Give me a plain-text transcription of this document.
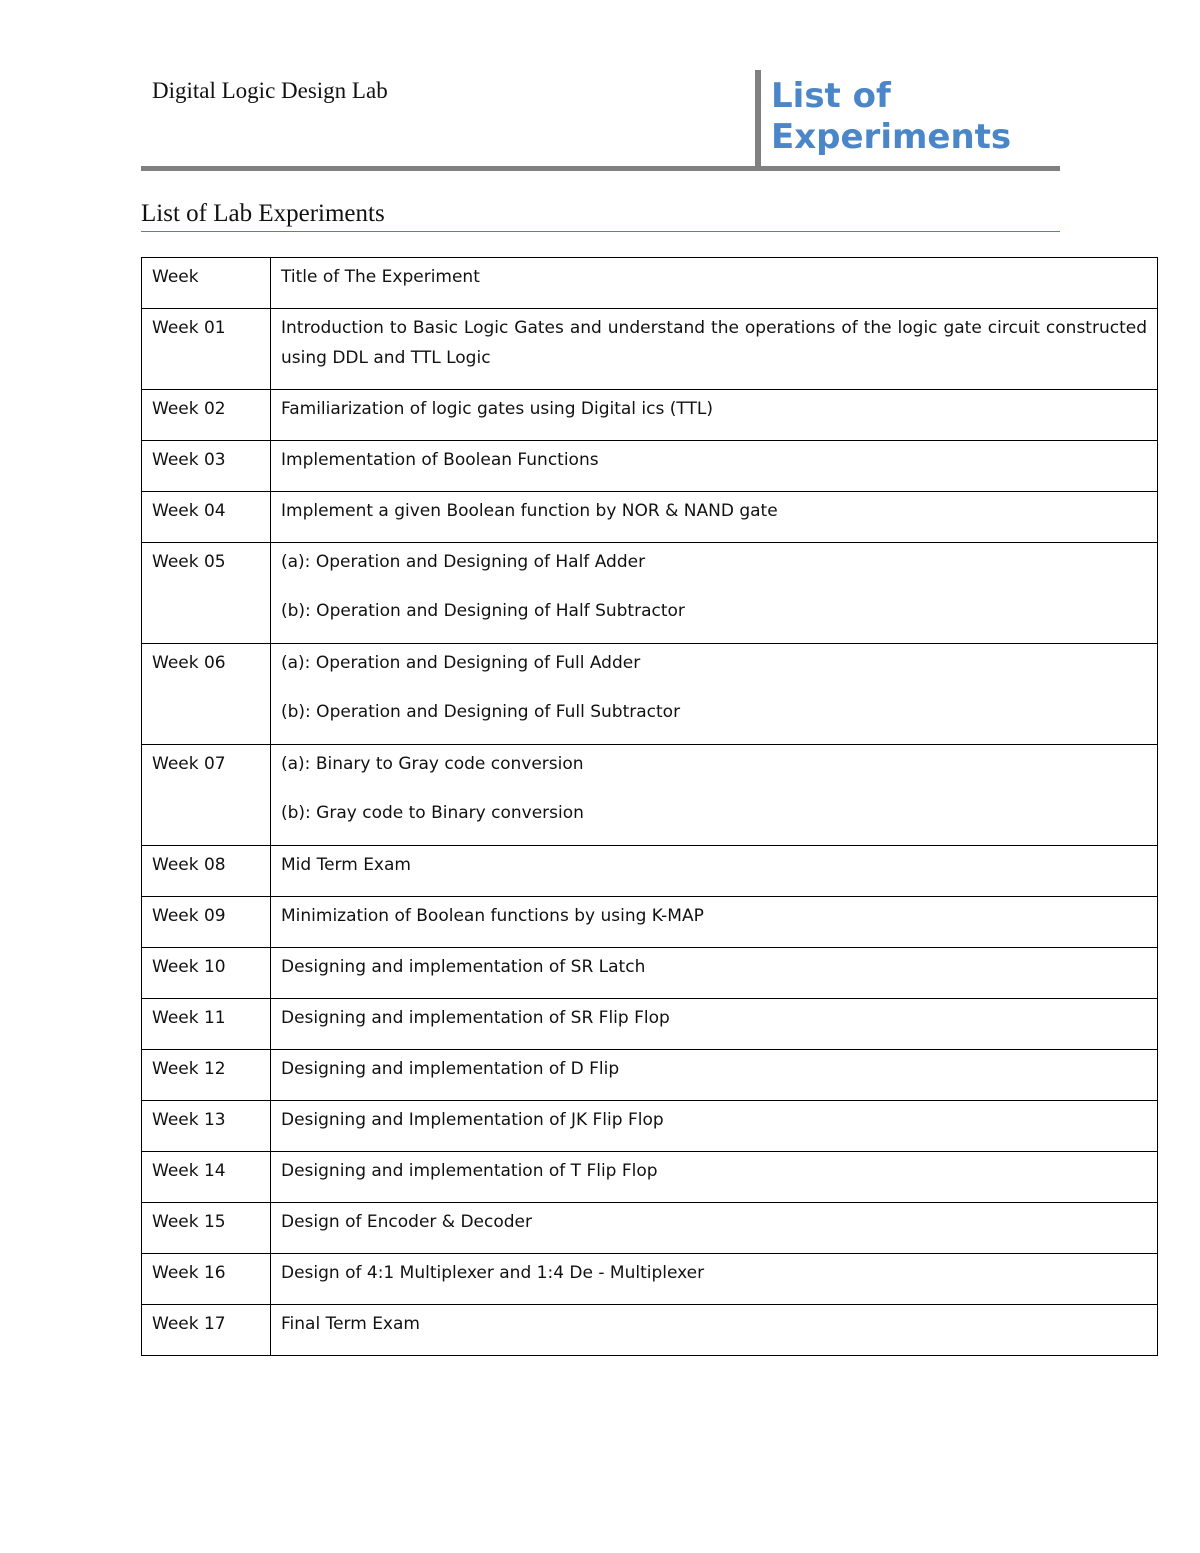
Digital Logic Design Lab	List of
Experiments
List of Lab Experiments
Week	Title of The Experiment
Week 01	Introduction to Basic Logic Gates and understand the operations of the logic gate circuit constructed using DDL and TTL Logic
Week 02	Familiarization of logic gates using Digital ics (TTL)
Week 03	Implementation of Boolean Functions
Week 04	Implement a given Boolean function by NOR & NAND gate
Week 05	(a): Operation and Designing of Half Adder
(b): Operation and Designing of Half Subtractor

Week 06	(a): Operation and Designing of Full Adder
(b): Operation and Designing of Full Subtractor

Week 07	(a): Binary to Gray code conversion
(b): Gray code to Binary conversion

Week 08	Mid Term Exam
Week 09	Minimization of Boolean functions by using K-MAP
Week 10	Designing and implementation of SR Latch
Week 11	Designing and implementation of SR Flip Flop
Week 12	Designing and implementation of D Flip
Week 13	Designing and Implementation of JK Flip Flop
Week 14	Designing and implementation of T Flip Flop
Week 15	Design of Encoder & Decoder
Week 16	Design of 4:1 Multiplexer and 1:4 De - Multiplexer
Week 17	Final Term Exam
